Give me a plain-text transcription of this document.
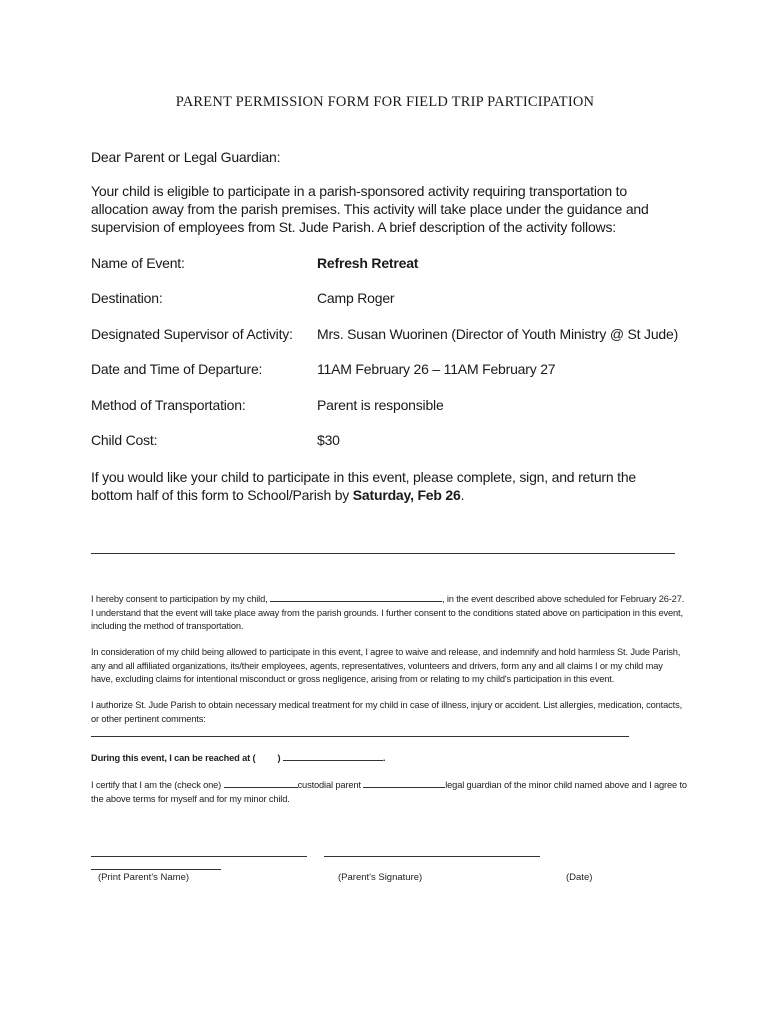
PARENT PERMISSION FORM FOR FIELD TRIP PARTICIPATION
Dear Parent or Legal Guardian:
Your child is eligible to participate in a parish-sponsored activity requiring transportation to allocation away from the parish premises. This activity will take place under the guidance and supervision of employees from St. Jude Parish. A brief description of the activity follows:
Name of Event:	Refresh Retreat
Destination:	Camp Roger
Designated Supervisor of Activity: Mrs. Susan Wuorinen (Director of Youth Ministry @ St Jude)
Date and Time of Departure:	11AM February 26 – 11AM February 27
Method of Transportation:	Parent is responsible
Child Cost:	$30
If you would like your child to participate in this event, please complete, sign, and return the bottom half of this form to School/Parish by Saturday, Feb 26.
I hereby consent to participation by my child,	, in the event described above scheduled for February 26-27. I understand that the event will take place away from the parish grounds. I further consent to the conditions stated above on participation in this event, including the method of transportation.
In consideration of my child being allowed to participate in this event, I agree to waive and release, and indemnify and hold harmless St. Jude Parish, any and all affiliated organizations, its/their employees, agents, representatives, volunteers and drivers, form any and all claims I or my child may have, excluding claims for intentional misconduct or gross negligence, arising from or relating to my child's participation in this event.
I authorize St. Jude Parish to obtain necessary medical treatment for my child in case of illness, injury or accident. List allergies, medication, contacts, or other pertinent comments:
During this event, I can be reached at ( )	.
I certify that I am the (check one)	custodial parent	legal guardian of the minor child named above and I agree to the above terms for myself and for my minor child.
(Print Parent's Name)	(Parent's Signature)	(Date)
